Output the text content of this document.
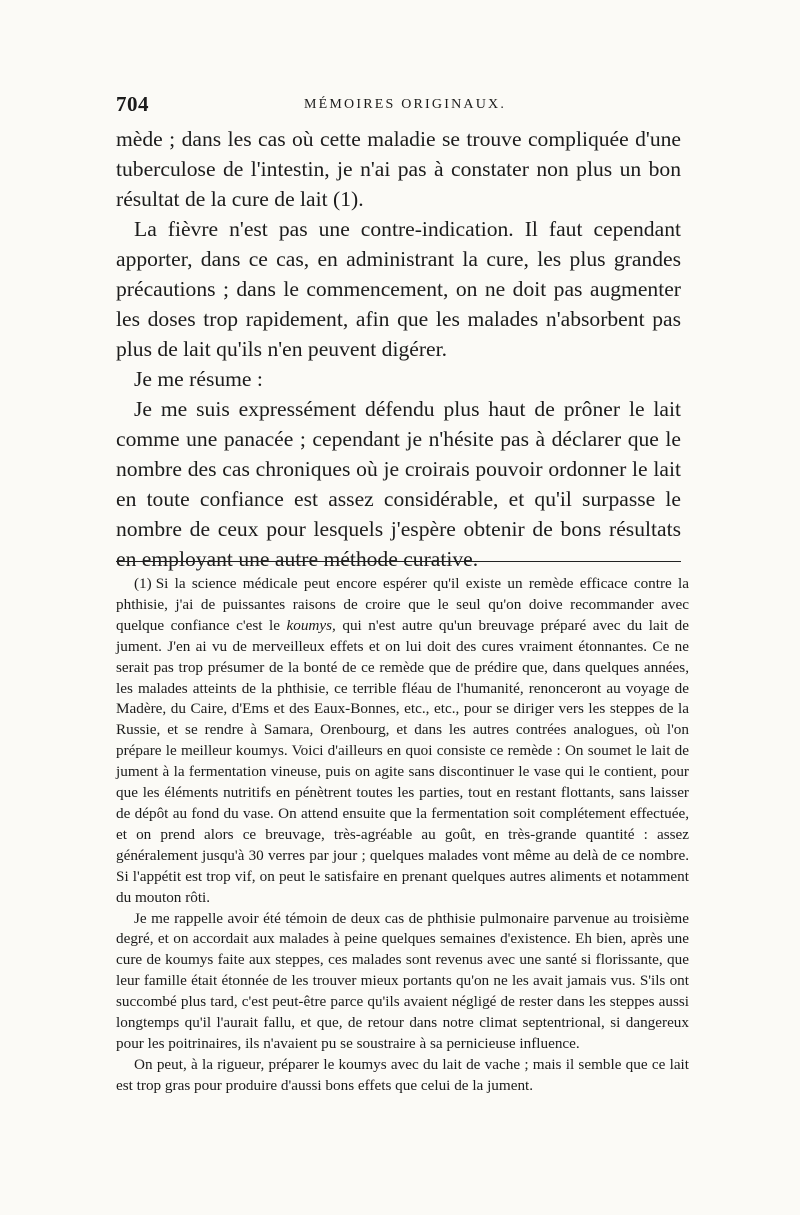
704	MÉMOIRES ORIGINAUX.

mède ; dans les cas où cette maladie se trouve compliquée d'une tuberculose de l'intestin, je n'ai pas à constater non plus un bon résultat de la cure de lait (1).

La fièvre n'est pas une contre-indication. Il faut cependant apporter, dans ce cas, en administrant la cure, les plus grandes précautions ; dans le commencement, on ne doit pas augmenter les doses trop rapidement, afin que les malades n'absorbent pas plus de lait qu'ils n'en peuvent digérer.

Je me résume :

Je me suis expressément défendu plus haut de prôner le lait comme une panacée ; cependant je n'hésite pas à déclarer que le nombre des cas chroniques où je croirais pouvoir ordonner le lait en toute confiance est assez considérable, et qu'il surpasse le nombre de ceux pour lesquels j'espère obtenir de bons résultats en employant une autre méthode curative.

(1) Si la science médicale peut encore espérer qu'il existe un remède efficace contre la phthisie, j'ai de puissantes raisons de croire que le seul qu'on doive recommander avec quelque confiance c'est le koumys, qui n'est autre qu'un breuvage préparé avec du lait de jument. J'en ai vu de merveilleux effets et on lui doit des cures vraiment étonnantes. Ce ne serait pas trop présumer de la bonté de ce remède que de prédire que, dans quelques années, les malades atteints de la phthisie, ce terrible fléau de l'humanité, renonceront au voyage de Madère, du Caire, d'Ems et des Eaux-Bonnes, etc., etc., pour se diriger vers les steppes de la Russie, et se rendre à Samara, Orenbourg, et dans les autres contrées analogues, où l'on prépare le meilleur koumys. Voici d'ailleurs en quoi consiste ce remède : On soumet le lait de jument à la fermentation vineuse, puis on agite sans discontinuer le vase qui le contient, pour que les éléments nutritifs en pénètrent toutes les parties, tout en restant flottants, sans laisser de dépôt au fond du vase. On attend ensuite que la fermentation soit complétement effectuée, et on prend alors ce breuvage, très-agréable au goût, en très-grande quantité : assez généralement jusqu'à 30 verres par jour ; quelques malades vont même au delà de ce nombre. Si l'appétit est trop vif, on peut le satisfaire en prenant quelques autres aliments et notamment du mouton rôti.

Je me rappelle avoir été témoin de deux cas de phthisie pulmonaire parvenue au troisième degré, et on accordait aux malades à peine quelques semaines d'existence. Eh bien, après une cure de koumys faite aux steppes, ces malades sont revenus avec une santé si florissante, que leur famille était étonnée de les trouver mieux portants qu'on ne les avait jamais vus. S'ils ont succombé plus tard, c'est peut-être parce qu'ils avaient négligé de rester dans les steppes aussi longtemps qu'il l'aurait fallu, et que, de retour dans notre climat septentrional, si dangereux pour les poitrinaires, ils n'avaient pu se soustraire à sa pernicieuse influence.

On peut, à la rigueur, préparer le koumys avec du lait de vache ; mais il semble que ce lait est trop gras pour produire d'aussi bons effets que celui de la jument.
